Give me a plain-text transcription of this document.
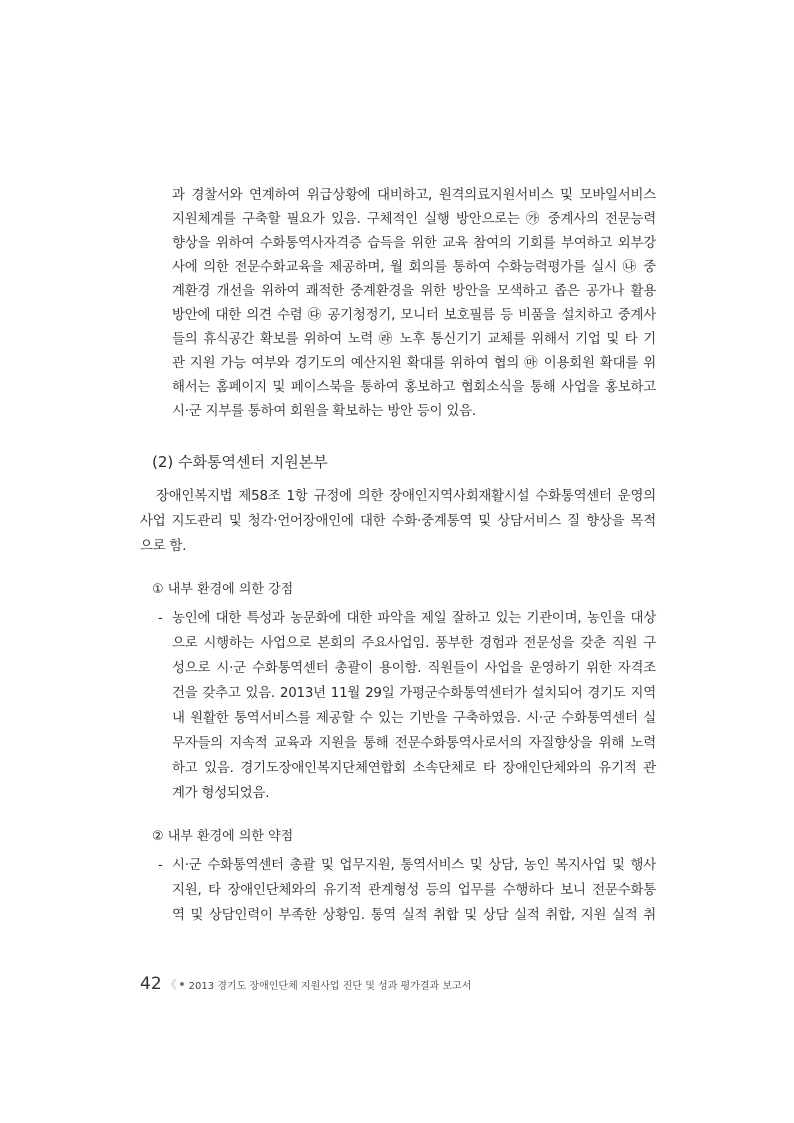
과 경찰서와 연계하여 위급상황에 대비하고, 원격의료지원서비스 및 모바일서비스
지원체계를 구축할 필요가 있음. 구체적인 실행 방안으로는 ㉮ 중계사의 전문능력
향상을 위하여 수화통역사자격증 습득을 위한 교육 참여의 기회를 부여하고 외부강
사에 의한 전문수화교육을 제공하며, 월 회의를 통하여 수화능력평가를 실시 ㉯ 중
계환경 개선을 위하여 쾌적한 중계환경을 위한 방안을 모색하고 좁은 공가나 활용
방안에 대한 의견 수렴 ㉰ 공기청정기, 모니터 보호필름 등 비품을 설치하고 중계사
들의 휴식공간 확보를 위하여 노력 ㉱ 노후 통신기기 교체를 위해서 기업 및 타 기
관 지원 가능 여부와 경기도의 예산지원 확대를 위하여 협의 ㉲ 이용회원 확대를 위
해서는 홈페이지 및 페이스북을 통하여 홍보하고 협회소식을 통해 사업을 홍보하고
시·군 지부를 통하여 회원을 확보하는 방안 등이 있음.
(2) 수화통역센터 지원본부
장애인복지법 제58조 1항 규정에 의한 장애인지역사회재활시설 수화통역센터 운영의
사업 지도관리 및 청각·언어장애인에 대한 수화·중계통역 및 상담서비스 질 향상을 목적
으로 함.
① 내부 환경에 의한 강점
- 농인에 대한 특성과 농문화에 대한 파악을 제일 잘하고 있는 기관이며, 농인을 대상
으로 시행하는 사업으로 본회의 주요사업임. 풍부한 경험과 전문성을 갖춘 직원 구
성으로 시·군 수화통역센터 총괄이 용이함. 직원들이 사업을 운영하기 위한 자격조
건을 갖추고 있음. 2013년 11월 29일 가평군수화통역센터가 설치되어 경기도 지역
내 원활한 통역서비스를 제공할 수 있는 기반을 구축하였음. 시·군 수화통역센터 실
무자들의 지속적 교육과 지원을 통해 전문수화통역사로서의 자질향상을 위해 노력
하고 있음. 경기도장애인복지단체연합회 소속단체로 타 장애인단체와의 유기적 관
계가 형성되었음.
② 내부 환경에 의한 약점
- 시·군 수화통역센터 총괄 및 업무지원, 통역서비스 및 상담, 농인 복지사업 및 행사
지원, 타 장애인단체와의 유기적 관계형성 등의 업무를 수행하다 보니 전문수화통
역 및 상담인력이 부족한 상황임. 통역 실적 취합 및 상담 실적 취합, 지원 실적 취
42 《 2013 경기도 장애인단체 지원사업 진단 및 성과 평가결과 보고서
